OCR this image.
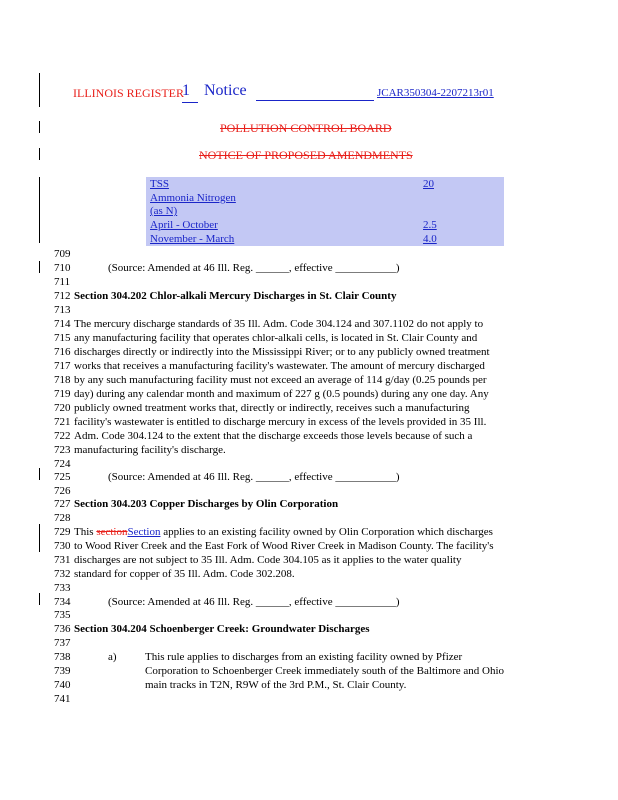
ILLINOIS REGISTER
1 Notice	JCAR350304-2207213r01
POLLUTION CONTROL BOARD
NOTICE OF PROPOSED AMENDMENTS
TSS	20
Ammonia Nitrogen
(as N)
April - October	2.5
November - March	4.0
709
710	(Source: Amended at 46 Ill. Reg. ______, effective ___________)
711
712 Section 304.202 Chlor-alkali Mercury Discharges in St. Clair County
713
714 The mercury discharge standards of 35 Ill. Adm. Code 304.124 and 307.1102 do not apply to
715 any manufacturing facility that operates chlor-alkali cells, is located in St. Clair County and
716 discharges directly or indirectly into the Mississippi River; or to any publicly owned treatment
717 works that receives a manufacturing facility's wastewater. The amount of mercury discharged
718 by any such manufacturing facility must not exceed an average of 114 g/day (0.25 pounds per
719 day) during any calendar month and maximum of 227 g (0.5 pounds) during any one day. Any
720 publicly owned treatment works that, directly or indirectly, receives such a manufacturing
721 facility's wastewater is entitled to discharge mercury in excess of the levels provided in 35 Ill.
722 Adm. Code 304.124 to the extent that the discharge exceeds those levels because of such a
723 manufacturing facility's discharge.
724
725	(Source: Amended at 46 Ill. Reg. ______, effective ___________)
726
727 Section 304.203 Copper Discharges by Olin Corporation
728
729 This sectionSection applies to an existing facility owned by Olin Corporation which discharges
730 to Wood River Creek and the East Fork of Wood River Creek in Madison County. The facility's
731 discharges are not subject to 35 Ill. Adm. Code 304.105 as it applies to the water quality
732 standard for copper of 35 Ill. Adm. Code 302.208.
733
734	(Source: Amended at 46 Ill. Reg. ______, effective ___________)
735
736 Section 304.204 Schoenberger Creek: Groundwater Discharges
737
738	a)	This rule applies to discharges from an existing facility owned by Pfizer
739	Corporation to Schoenberger Creek immediately south of the Baltimore and Ohio
740	main tracks in T2N, R9W of the 3rd P.M., St. Clair County.
741
